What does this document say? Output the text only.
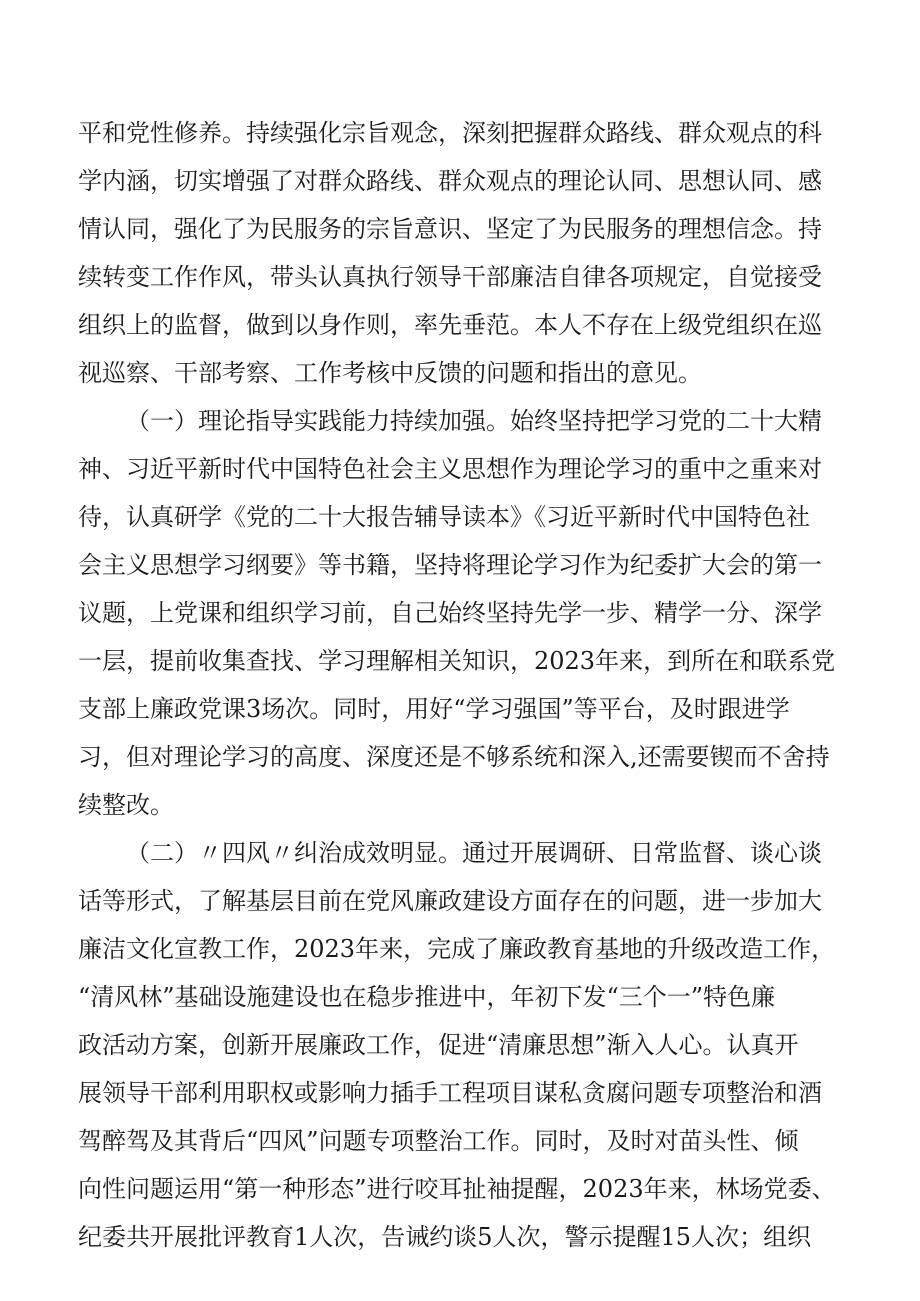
平和党性修养。持续强化宗旨观念，深刻把握群众路线、群众观点的科
学内涵，切实增强了对群众路线、群众观点的理论认同、思想认同、感
情认同，强化了为民服务的宗旨意识、坚定了为民服务的理想信念。持
续转变工作作风，带头认真执行领导干部廉洁自律各项规定，自觉接受
组织上的监督，做到以身作则，率先垂范。本人不存在上级党组织在巡
视巡察、干部考察、工作考核中反馈的问题和指出的意见。
（一）理论指导实践能力持续加强。始终坚持把学习党的二十大精
神、习近平新时代中国特色社会主义思想作为理论学习的重中之重来对
待，认真研学《党的二十大报告辅导读本》《习近平新时代中国特色社
会主义思想学习纲要》等书籍，坚持将理论学习作为纪委扩大会的第一
议题，上党课和组织学习前，自己始终坚持先学一步、精学一分、深学
一层，提前收集查找、学习理解相关知识，2023年来，到所在和联系党
支部上廉政党课3场次。同时，用好“学习强国”等平台，及时跟进学
习，但对理论学习的高度、深度还是不够系统和深入,还需要锲而不舍持
续整改。
（二）〃四风〃纠治成效明显。通过开展调研、日常监督、谈心谈
话等形式，了解基层目前在党风廉政建设方面存在的问题，进一步加大
廉洁文化宣教工作，2023年来，完成了廉政教育基地的升级改造工作，
“清风林”基础设施建设也在稳步推进中，年初下发“三个一”特色廉
政活动方案，创新开展廉政工作，促进“清廉思想”渐入人心。认真开
展领导干部利用职权或影响力插手工程项目谋私贪腐问题专项整治和酒
驾醉驾及其背后“四风”问题专项整治工作。同时，及时对苗头性、倾
向性问题运用“第一种形态”进行咬耳扯袖提醒，2023年来，林场党委、
纪委共开展批评教育1人次，告诫约谈5人次，警示提醒15人次；组织
